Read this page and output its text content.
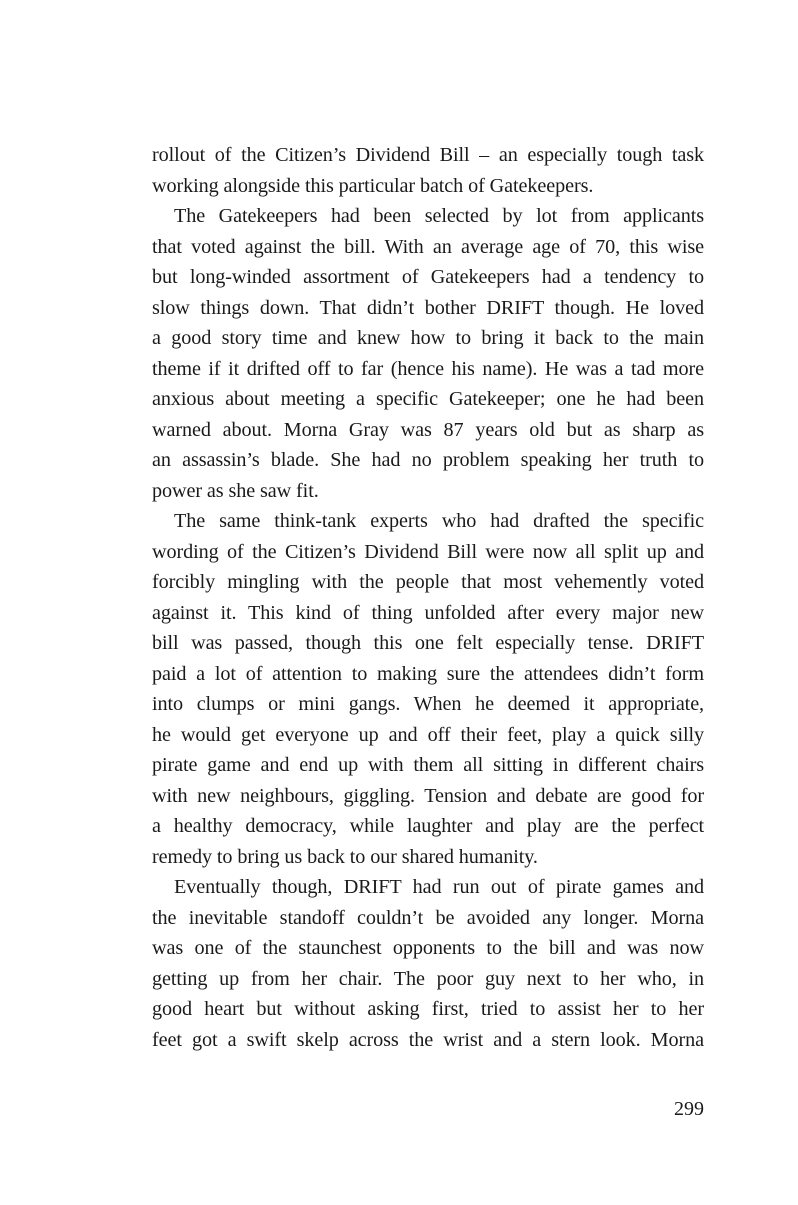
rollout of the Citizen’s Dividend Bill – an especially tough task
working alongside this particular batch of Gatekeepers.
The Gatekeepers had been selected by lot from applicants
that voted against the bill. With an average age of 70, this wise
but long-winded assortment of Gatekeepers had a tendency to
slow things down. That didn’t bother DRIFT though. He loved
a good story time and knew how to bring it back to the main
theme if it drifted off to far (hence his name). He was a tad more
anxious about meeting a specific Gatekeeper; one he had been
warned about. Morna Gray was 87 years old but as sharp as
an assassin’s blade. She had no problem speaking her truth to
power as she saw fit.
The same think-tank experts who had drafted the specific
wording of the Citizen’s Dividend Bill were now all split up and
forcibly mingling with the people that most vehemently voted
against it. This kind of thing unfolded after every major new
bill was passed, though this one felt especially tense. DRIFT
paid a lot of attention to making sure the attendees didn’t form
into clumps or mini gangs. When he deemed it appropriate,
he would get everyone up and off their feet, play a quick silly
pirate game and end up with them all sitting in different chairs
with new neighbours, giggling. Tension and debate are good for
a healthy democracy, while laughter and play are the perfect
remedy to bring us back to our shared humanity.
Eventually though, DRIFT had run out of pirate games and
the inevitable standoff couldn’t be avoided any longer. Morna
was one of the staunchest opponents to the bill and was now
getting up from her chair. The poor guy next to her who, in
good heart but without asking first, tried to assist her to her
feet got a swift skelp across the wrist and a stern look. Morna
299
